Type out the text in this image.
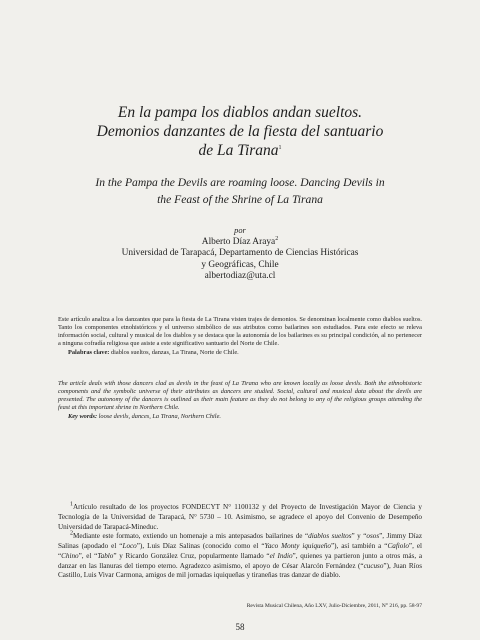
En la pampa los diablos andan sueltos.
Demonios danzantes de la fiesta del santuario
de La Tirana$^1$
In the Pampa the Devils are roaming loose. Dancing Devils in
the Feast of the Shrine of La Tirana
por
Alberto Díaz Araya$^2$
Universidad de Tarapacá, Departamento de Ciencias Históricas
y Geográficas, Chile
albertodiaz@uta.cl
Este artículo analiza a los danzantes que para la fiesta de La Tirana visten trajes de demonios. Se denominan localmente como diablos sueltos. Tanto los componentes etnohistóricos y el universo simbólico de sus atributos como bailarines son estudiados. Para este efecto se releva información social, cultural y musical de los diablos y se destaca que la autonomía de los bailarines es su principal condición, al no pertenecer a ninguna cofradía religiosa que asiste a este significativo santuario del Norte de Chile.
Palabras clave: diablos sueltos, danzas, La Tirana, Norte de Chile.
The article deals with those dancers clad as devils in the feast of La Tirana who are known locally as loose devils. Both the ethnohistoric components and the symbolic universe of their attributes as dancers are studied. Social, cultural and musical data about the devils are presented. The autonomy of the dancers is outlined as their main feature as they do not belong to any of the religious groups attending the feast at this important shrine in Northern Chile.
Key words: loose devils, dances, La Tirana, Northern Chile.

$^1$Artículo resultado de los proyectos FONDECYT N° 1100132 y del Proyecto de Investigación Mayor de Ciencia y Tecnología de la Universidad de Tarapacá, N° 5730 – 10. Asimismo, se agradece el apoyo del Convenio de Desempeño Universidad de Tarapacá-Mineduc.

$^2$Mediante este formato, extiendo un homenaje a mis antepasados bailarines de “diablos sueltos” y “osos”, Jimmy Díaz Salinas (apodado el “Loco”), Luis Díaz Salinas (conocido como el “Yaco Monty iquiqueño”), así también a “Cafiolo”, el “Chino”, el “Tablo” y Ricardo González Cruz, popularmente llamado “el Indio”, quienes ya partieron junto a otros más, a danzar en las llanuras del tiempo eterno. Agradezco asimismo, el apoyo de César Alarcón Fernández (“cucuso”), Juan Ríos Castillo, Luis Vivar Carmona, amigos de mil jornadas iquiqueñas y tiraneñas tras danzar de diablo.

Revista Musical Chilena, Año LXV, Julio-Diciembre, 2011, N° 216, pp. 58-97
58
